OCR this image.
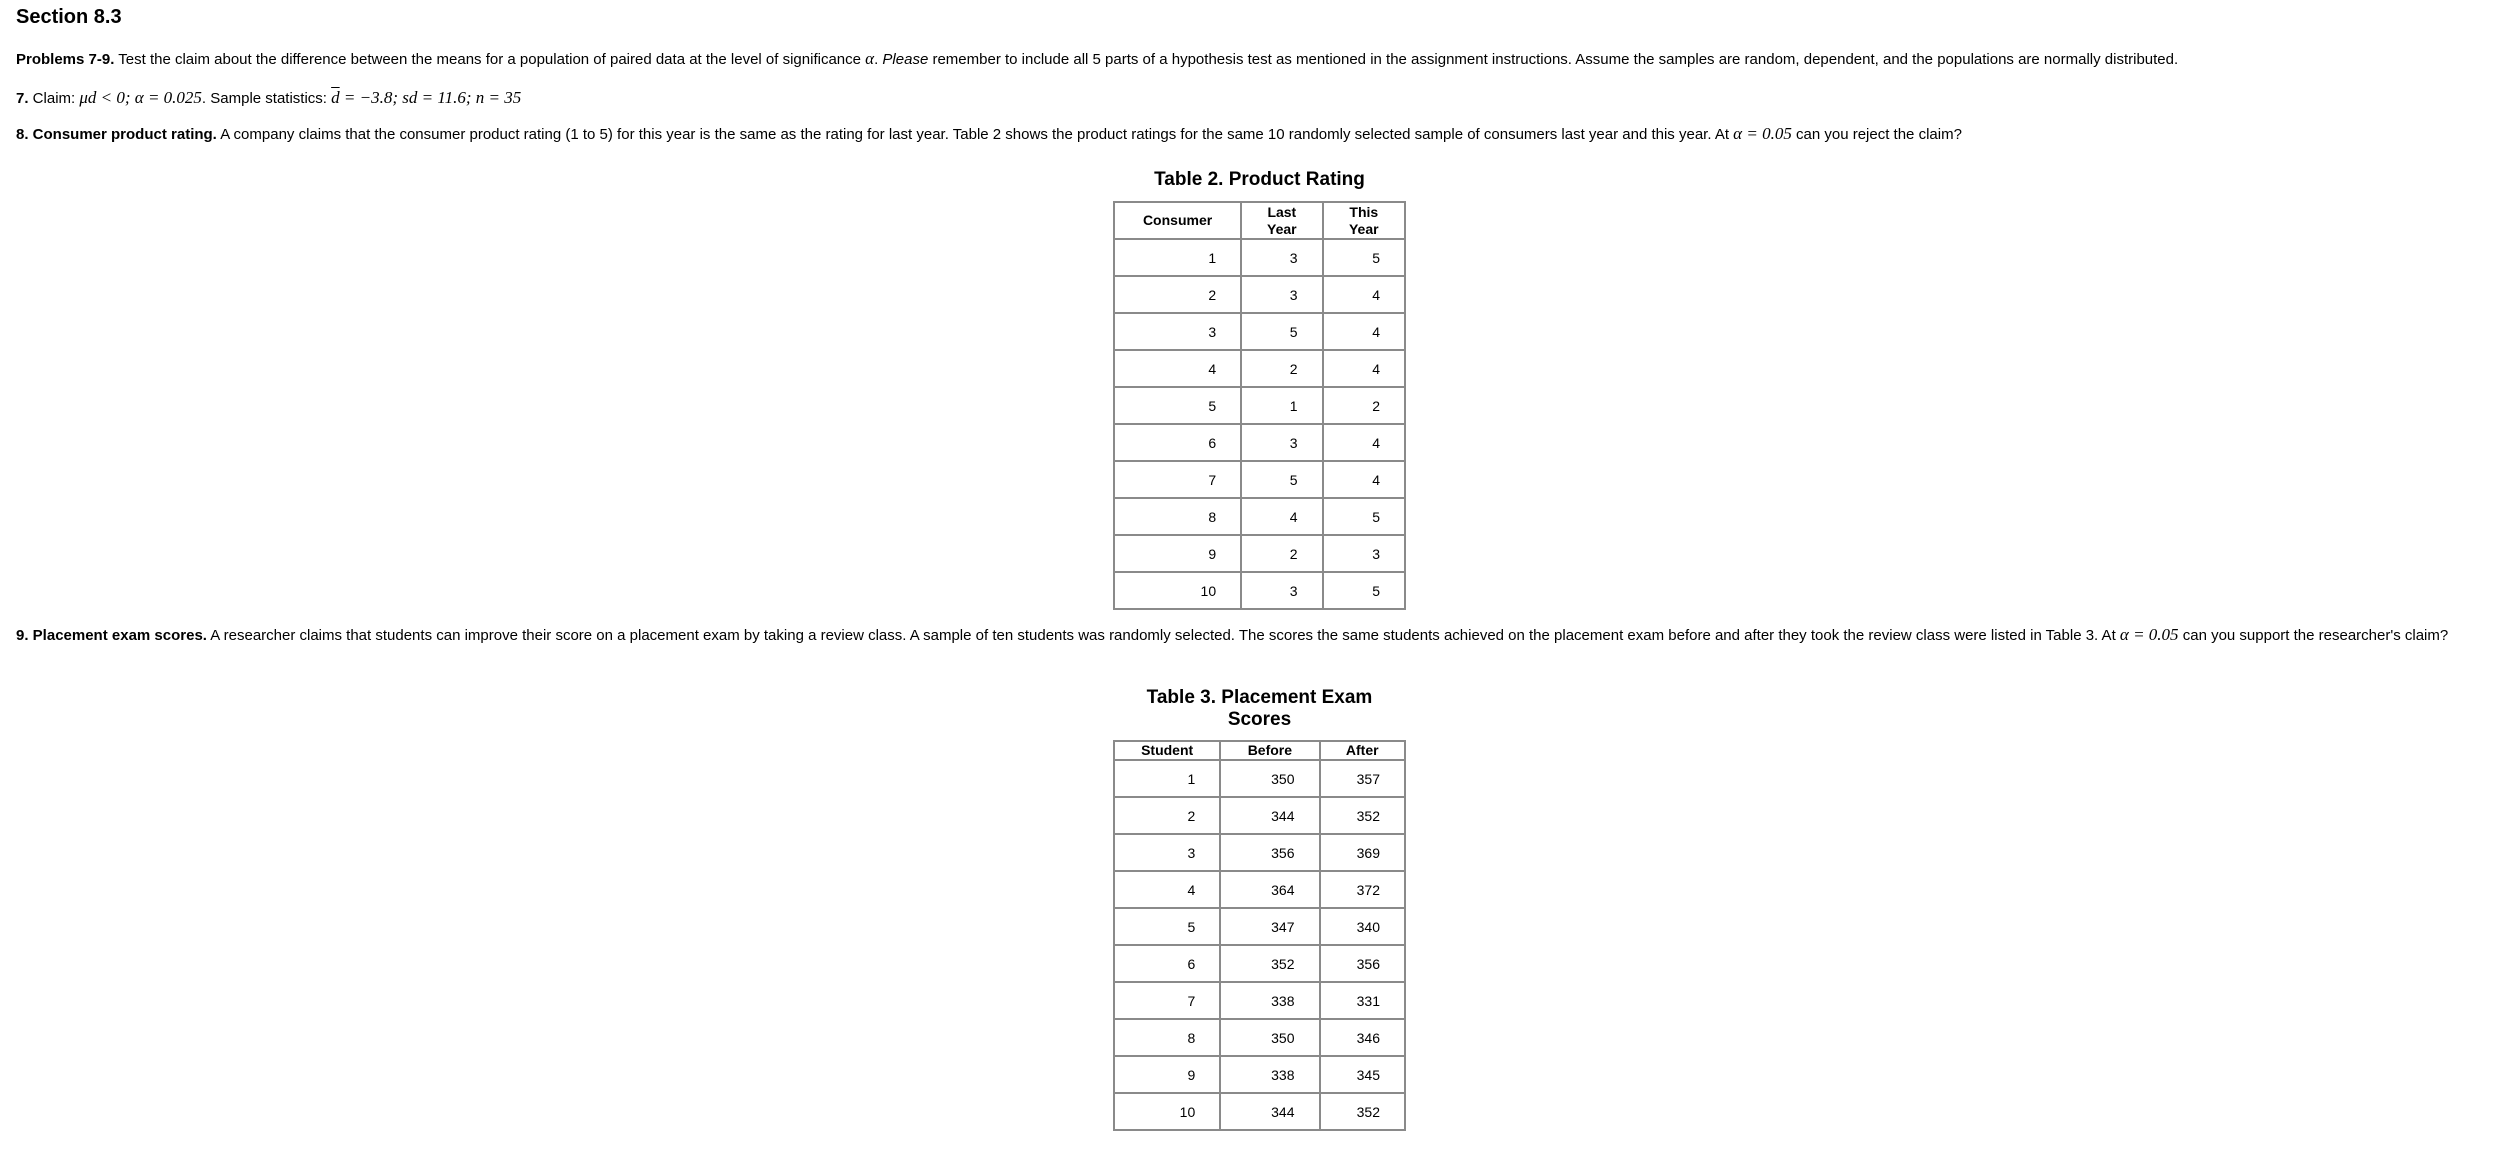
Section 8.3
Problems 7-9. Test the claim about the difference between the means for a population of paired data at the level of significance α. Please remember to include all 5 parts of a hypothesis test as mentioned in the assignment instructions. Assume the samples are random, dependent, and the populations are normally distributed.
7. Claim: μd < 0; α = 0.025. Sample statistics: $\overline{d} = -3.8$; sd = 11.6; n = 35
8. Consumer product rating. A company claims that the consumer product rating (1 to 5) for this year is the same as the rating for last year. Table 2 shows the product ratings for the same 10 randomly selected sample of consumers last year and this year. At α = 0.05 can you reject the claim?
Table 2. Product Rating
Consumer	Last Year	This Year
1	3	5
2	3	4
3	5	4
4	2	4
5	1	2
6	3	4
7	5	4
8	4	5
9	2	3
10	3	5
9. Placement exam scores. A researcher claims that students can improve their score on a placement exam by taking a review class. A sample of ten students was randomly selected. The scores the same students achieved on the placement exam before and after they took the review class were listed in Table 3. At α = 0.05 can you support the researcher's claim?
Table 3. Placement Exam
Scores
Student	Before	After
1	350	357
2	344	352
3	356	369
4	364	372
5	347	340
6	352	356
7	338	331
8	350	346
9	338	345
10	344	352
